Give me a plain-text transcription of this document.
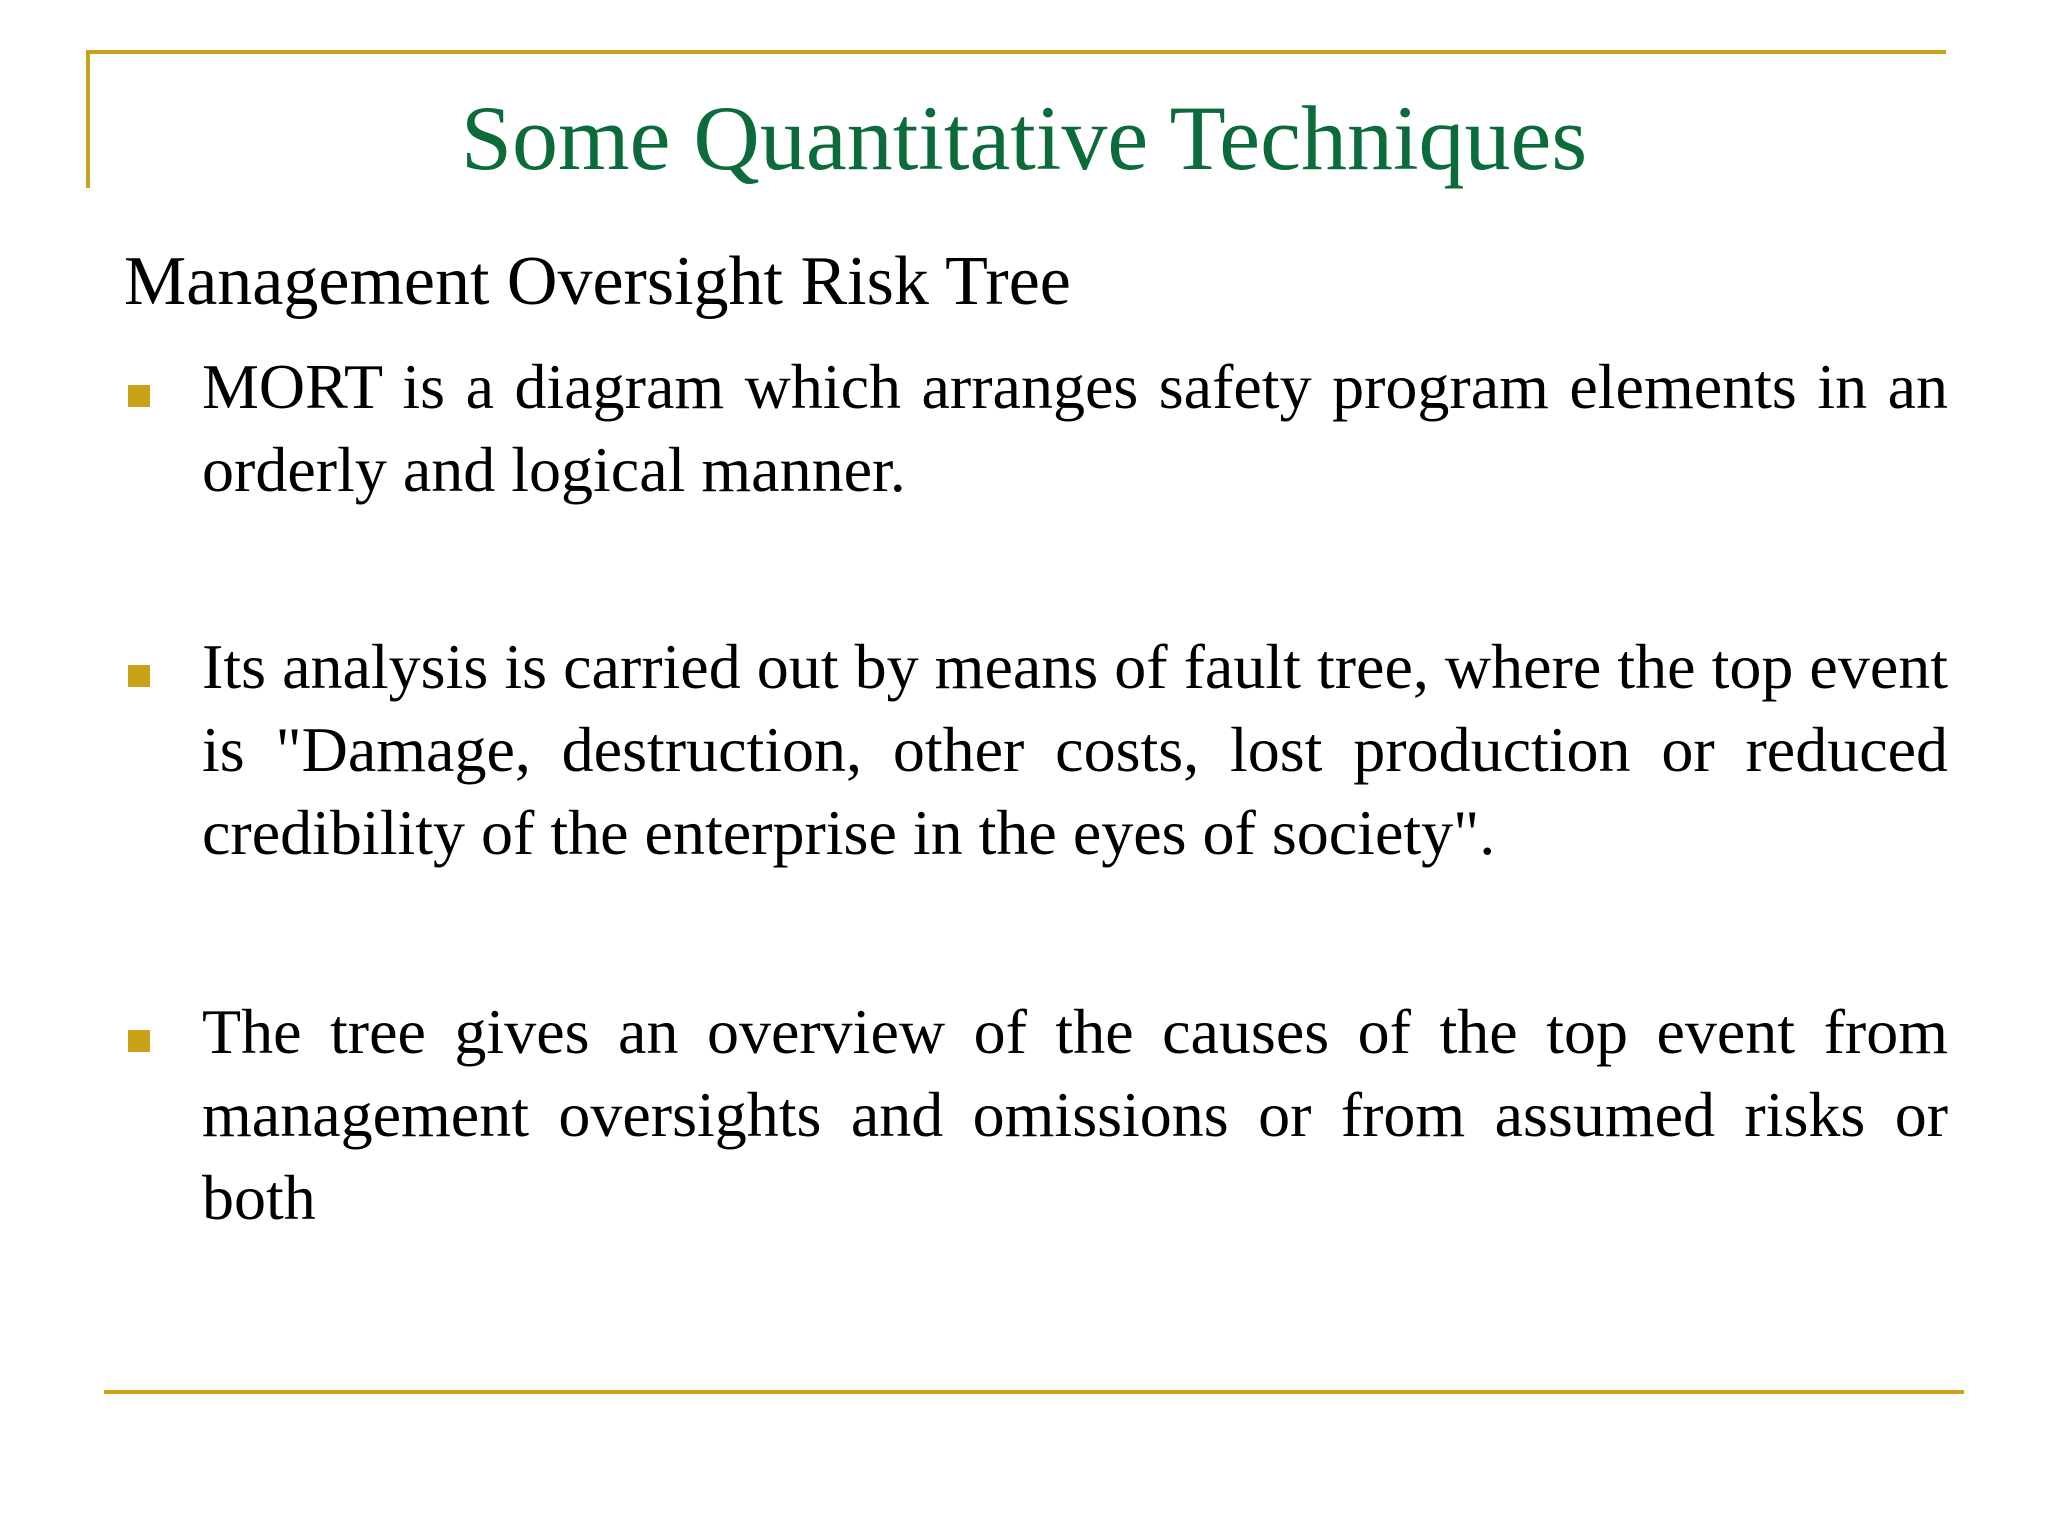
Some Quantitative Techniques
Management Oversight Risk Tree
MORT is a diagram which arranges safety program elements in an orderly and logical manner.
Its analysis is carried out by means of fault tree, where the top event is "Damage, destruction, other costs, lost production or reduced credibility of the enterprise in the eyes of society".
The tree gives an overview of the causes of the top event from management oversights and omissions or from assumed risks or both
